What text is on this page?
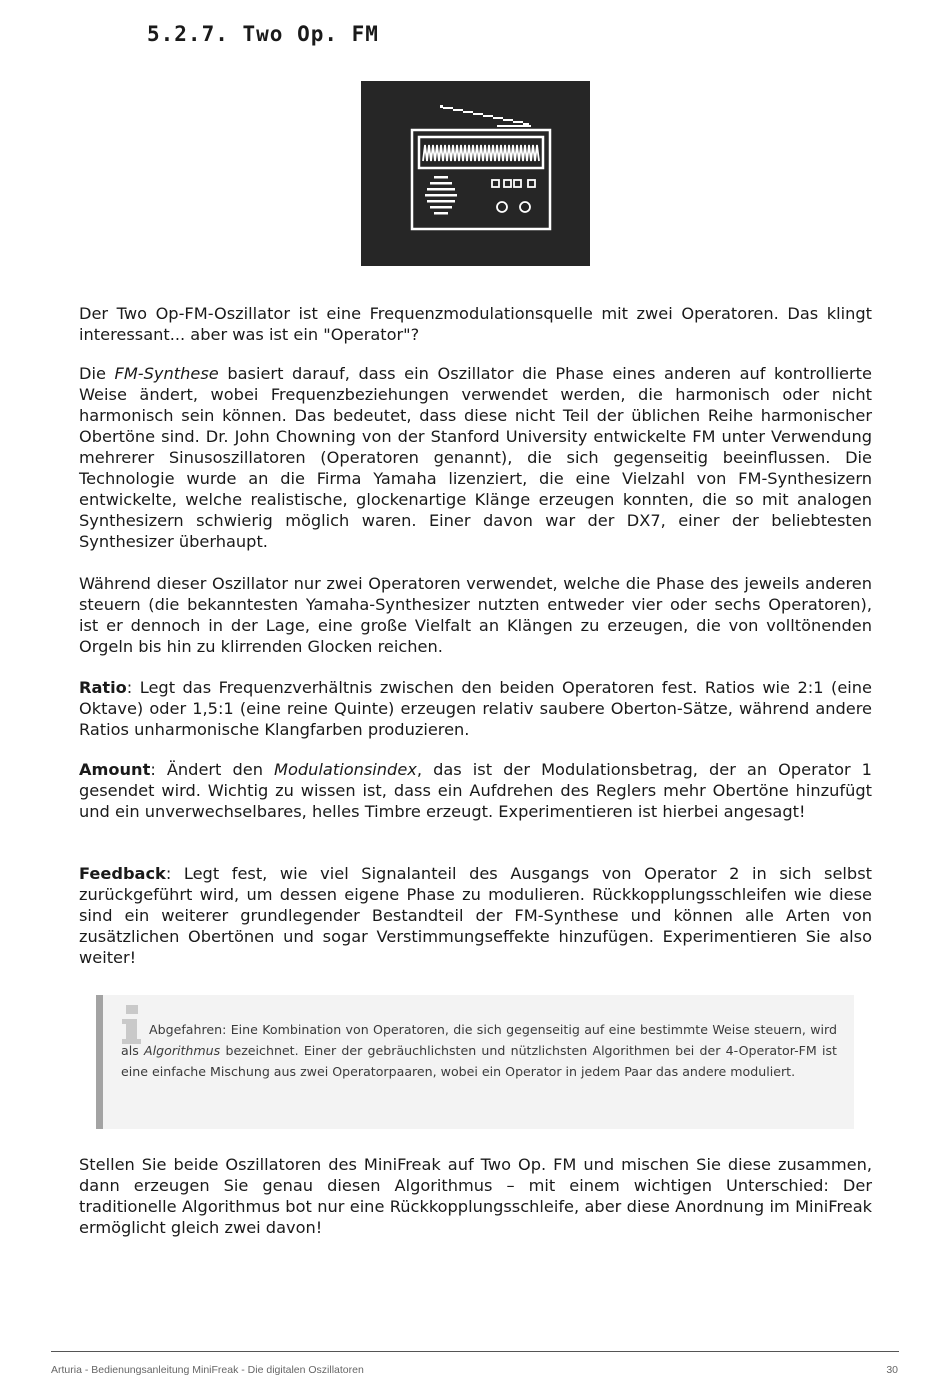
5.2.7. Two Op. FM

Der Two Op-FM-Oszillator ist eine Frequenzmodulationsquelle mit zwei Operatoren. Das klingt interessant... aber was ist ein "Operator"?

Die FM-Synthese basiert darauf, dass ein Oszillator die Phase eines anderen auf kontrollierte Weise ändert, wobei Frequenzbeziehungen verwendet werden, die harmonisch oder nicht harmonisch sein können. Das bedeutet, dass diese nicht Teil der üblichen Reihe harmonischer Obertöne sind. Dr. John Chowning von der Stanford University entwickelte FM unter Verwendung mehrerer Sinusoszillatoren (Operatoren genannt), die sich gegenseitig beeinflussen. Die Technologie wurde an die Firma Yamaha lizenziert, die eine Vielzahl von FM-Synthesizern entwickelte, welche realistische, glockenartige Klänge erzeugen konnten, die so mit analogen Synthesizern schwierig möglich waren. Einer davon war der DX7, einer der beliebtesten Synthesizer überhaupt.

Während dieser Oszillator nur zwei Operatoren verwendet, welche die Phase des jeweils anderen steuern (die bekanntesten Yamaha-Synthesizer nutzten entweder vier oder sechs Operatoren), ist er dennoch in der Lage, eine große Vielfalt an Klängen zu erzeugen, die von volltönenden Orgeln bis hin zu klirrenden Glocken reichen.

Ratio: Legt das Frequenzverhältnis zwischen den beiden Operatoren fest. Ratios wie 2:1 (eine Oktave) oder 1,5:1 (eine reine Quinte) erzeugen relativ saubere Oberton-Sätze, während andere Ratios unharmonische Klangfarben produzieren.

Amount: Ändert den Modulationsindex, das ist der Modulationsbetrag, der an Operator 1 gesendet wird. Wichtig zu wissen ist, dass ein Aufdrehen des Reglers mehr Obertöne hinzufügt und ein unverwechselbares, helles Timbre erzeugt. Experimentieren ist hierbei angesagt!

Feedback: Legt fest, wie viel Signalanteil des Ausgangs von Operator 2 in sich selbst zurückgeführt wird, um dessen eigene Phase zu modulieren. Rückkopplungsschleifen wie diese sind ein weiterer grundlegender Bestandteil der FM-Synthese und können alle Arten von zusätzlichen Obertönen und sogar Verstimmungseffekte hinzufügen. Experimentieren Sie also weiter!

Abgefahren: Eine Kombination von Operatoren, die sich gegenseitig auf eine bestimmte Weise steuern, wird als Algorithmus bezeichnet. Einer der gebräuchlichsten und nützlichsten Algorithmen bei der 4-Operator-FM ist eine einfache Mischung aus zwei Operatorpaaren, wobei ein Operator in jedem Paar das andere moduliert.

Stellen Sie beide Oszillatoren des MiniFreak auf Two Op. FM und mischen Sie diese zusammen, dann erzeugen Sie genau diesen Algorithmus – mit einem wichtigen Unterschied: Der traditionelle Algorithmus bot nur eine Rückkopplungsschleife, aber diese Anordnung im MiniFreak ermöglicht gleich zwei davon!

Arturia - Bedienungsanleitung MiniFreak - Die digitalen Oszillatoren	30
